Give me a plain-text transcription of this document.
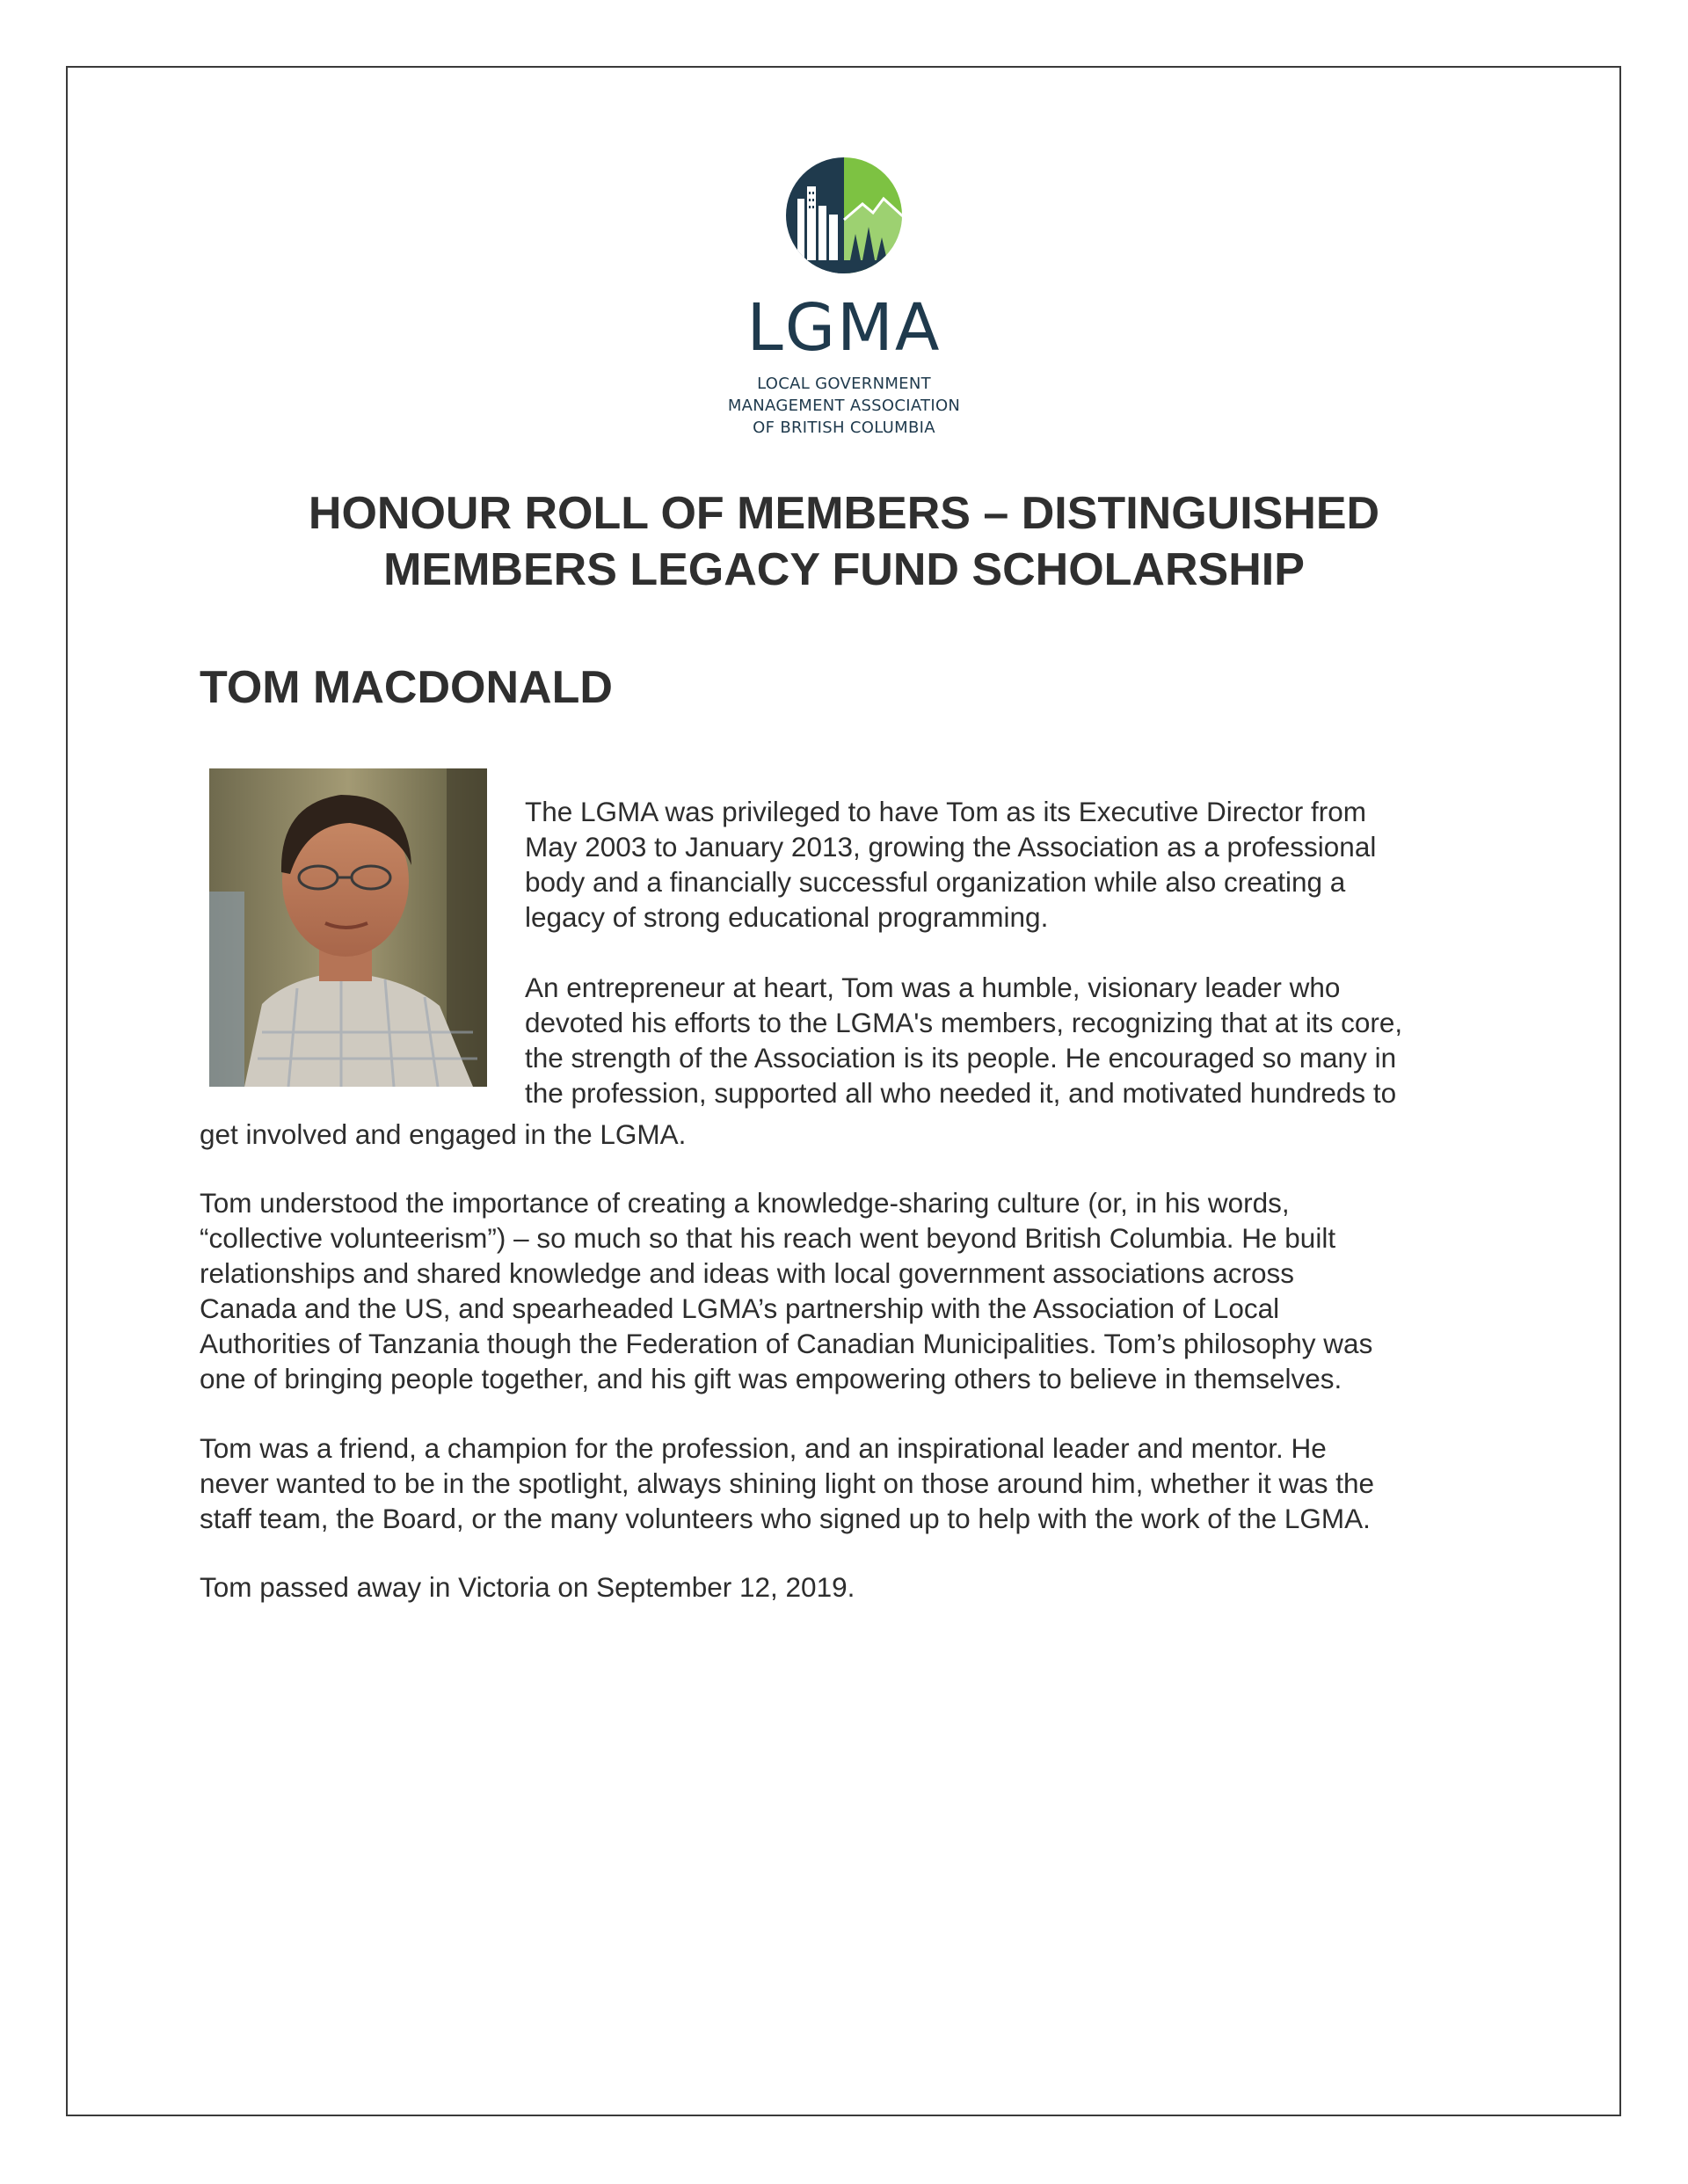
LGMA
LOCAL GOVERNMENT
MANAGEMENT ASSOCIATION
OF BRITISH COLUMBIA
HONOUR ROLL OF MEMBERS – DISTINGUISHED
MEMBERS LEGACY FUND SCHOLARSHIP
TOM MACDONALD

The LGMA was privileged to have Tom as its Executive Director from
May 2003 to January 2013, growing the Association as a professional
body and a financially successful organization while also creating a
legacy of strong educational programming.

An entrepreneur at heart, Tom was a humble, visionary leader who
devoted his efforts to the LGMA's members, recognizing that at its core,
the strength of the Association is its people. He encouraged so many in
the profession, supported all who needed it, and motivated hundreds to

get involved and engaged in the LGMA.

Tom understood the importance of creating a knowledge-sharing culture (or, in his words,
“collective volunteerism”) – so much so that his reach went beyond British Columbia. He built
relationships and shared knowledge and ideas with local government associations across
Canada and the US, and spearheaded LGMA’s partnership with the Association of Local
Authorities of Tanzania though the Federation of Canadian Municipalities. Tom’s philosophy was
one of bringing people together, and his gift was empowering others to believe in themselves.

Tom was a friend, a champion for the profession, and an inspirational leader and mentor. He
never wanted to be in the spotlight, always shining light on those around him, whether it was the
staff team, the Board, or the many volunteers who signed up to help with the work of the LGMA.

Tom passed away in Victoria on September 12, 2019.
